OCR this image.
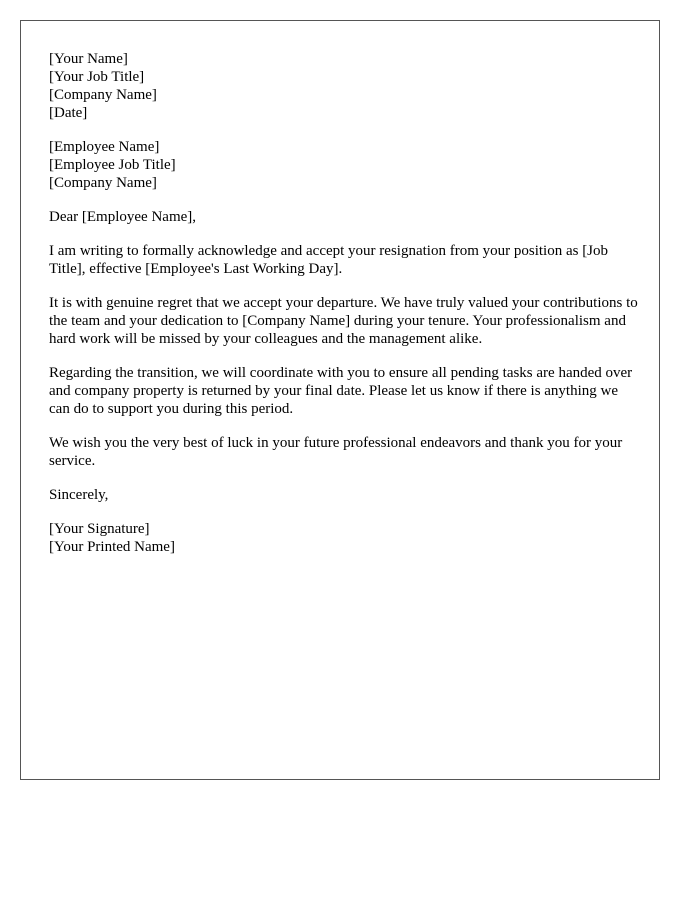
[Your Name]
[Your Job Title]
[Company Name]
[Date]
[Employee Name]
[Employee Job Title]
[Company Name]

Dear [Employee Name],

I am writing to formally acknowledge and accept your resignation from your position as [Job Title], effective [Employee's Last Working Day].

It is with genuine regret that we accept your departure. We have truly valued your contributions to the team and your dedication to [Company Name] during your tenure. Your professionalism and hard work will be missed by your colleagues and the management alike.

Regarding the transition, we will coordinate with you to ensure all pending tasks are handed over and company property is returned by your final date. Please let us know if there is anything we can do to support you during this period.

We wish you the very best of luck in your future professional endeavors and thank you for your service.

Sincerely,

[Your Signature]
[Your Printed Name]
